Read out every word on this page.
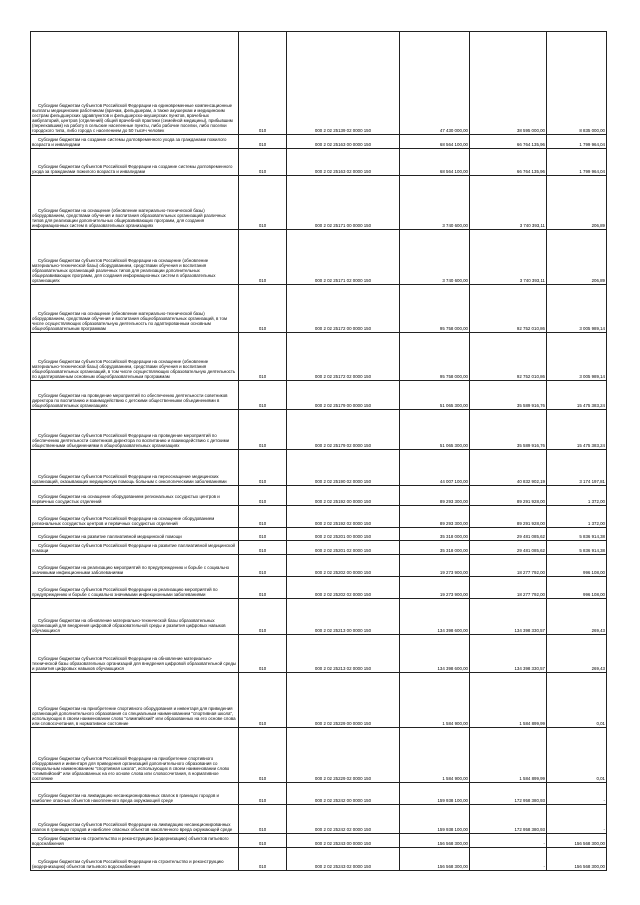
Субсидии бюджетам субъектов Российской Федерации на единовременные компенсационные выплаты медицинским работникам (врачам, фельдшерам, а также акушеркам и медицинским сестрам фельдшерских здравпунктов и фельдшерско-акушерских пунктов, врачебных амбулаторий, центров (отделений) общей врачебной практики (семейной медицины), прибывшим (переехавшим) на работу в сельские населенные пункты, либо рабочие поселки, либо поселки городского типа, либо города с населением до 50 тысяч человек	010	000 2 02 25139 02 0000 150	47 430 000,00	38 595 000,00	8 835 000,00
Субсидии бюджетам на создание системы долговременного ухода за гражданами пожилого возраста и инвалидами	010	000 2 02 25163 00 0000 150	68 564 100,00	66 764 135,96	1 799 964,04
Субсидии бюджетам субъектов Российской Федерации на создание системы долговременного ухода за гражданами пожилого возраста и инвалидами	010	000 2 02 25163 02 0000 150	68 564 100,00	66 764 135,96	1 799 964,04
Субсидии бюджетам на оснащение (обновление материально-технической базы) оборудованием, средствами обучения и воспитания образовательных организаций различных типов для реализации дополнительных общеразвивающих программ, для создания информационных систем в образовательных организациях	010	000 2 02 25171 00 0000 150	3 740 600,00	3 740 393,11	206,89
Субсидии бюджетам субъектов Российской Федерации на оснащение (обновление материально-технической базы) оборудованием, средствами обучения и воспитания образовательных организаций различных типов для реализации дополнительных общеразвивающих программ, для создания информационных систем в образовательных организациях	010	000 2 02 25171 02 0000 150	3 740 600,00	3 740 393,11	206,89
Субсидии бюджетам на оснащение (обновление материально-технической базы) оборудованием, средствами обучения и воспитания общеобразовательных организаций, в том числе осуществляющих образовательную деятельность по адаптированным основным общеобразовательным программам	010	000 2 02 25172 00 0000 150	95 758 000,00	92 752 010,86	3 005 989,14
Субсидии бюджетам субъектов Российской Федерации на оснащение (обновление материально-технической базы) оборудованием, средствами обучения и воспитания общеобразовательных организаций, в том числе осуществляющих образовательную деятельность по адаптированным основным общеобразовательным программам	010	000 2 02 25172 02 0000 150	95 758 000,00	92 752 010,86	3 005 989,14
Субсидии бюджетам на проведение мероприятий по обеспечению деятельности советников директора по воспитанию и взаимодействию с детскими общественными объединениями в общеобразовательных организациях	010	000 2 02 25179 00 0000 150	51 065 300,00	35 589 916,76	15 475 383,24
Субсидии бюджетам субъектов Российской Федерации на проведение мероприятий по обеспечению деятельности советников директора по воспитанию и взаимодействию с детскими общественными объединениями в общеобразовательных организациях	010	000 2 02 25179 02 0000 150	51 065 300,00	35 589 916,76	15 475 383,24
Субсидии бюджетам субъектов Российской Федерации на переоснащение медицинских организаций, оказывающих медицинскую помощь больным с онкологическими заболеваниями	010	000 2 02 25190 02 0000 150	44 007 100,00	40 832 902,19	3 174 197,81
Субсидии бюджетам на оснащение оборудованием региональных сосудистых центров и первичных сосудистых отделений	010	000 2 02 25192 00 0000 150	89 293 300,00	89 291 928,00	1 372,00
Субсидии бюджетам субъектов Российской Федерации на оснащение оборудованием региональных сосудистых центров и первичных сосудистых отделений	010	000 2 02 25192 02 0000 150	89 293 300,00	89 291 928,00	1 372,00
Субсидии бюджетам на развитие паллиативной медицинской помощи	010	000 2 02 25201 00 0000 150	35 318 000,00	29 481 085,62	5 836 914,38
Субсидии бюджетам субъектов Российской Федерации на развитие паллиативной медицинской помощи	010	000 2 02 25201 02 0000 150	35 318 000,00	29 481 085,62	5 836 914,38
Субсидии бюджетам на реализацию мероприятий по предупреждению и борьбе с социально значимыми инфекционными заболеваниями	010	000 2 02 25202 00 0000 150	19 273 900,00	18 277 792,00	996 108,00
Субсидии бюджетам субъектов Российской Федерации на реализацию мероприятий по предупреждению и борьбе с социально значимыми инфекционными заболеваниями	010	000 2 02 25202 02 0000 150	19 273 900,00	18 277 792,00	996 108,00
Субсидии бюджетам на обновление материально-технической базы образовательных организаций для внедрения цифровой образовательной среды и развития цифровых навыков обучающихся	010	000 2 02 25213 00 0000 150	134 398 600,00	134 398 330,57	269,43
Субсидии бюджетам субъектов Российской Федерации на обновление материально-технической базы образовательных организаций для внедрения цифровой образовательной среды и развития цифровых навыков обучающихся	010	000 2 02 25213 02 0000 150	134 398 600,00	134 398 330,57	269,43
Субсидии бюджетам на приобретение спортивного оборудования и инвентаря для приведения организаций дополнительного образования со специальным наименованием "спортивная школа", использующих в своем наименовании слово "олимпийский" или образованных на его основе слова или словосочетания, в нормативное состояние	010	000 2 02 25229 00 0000 150	1 584 900,00	1 584 899,99	0,01
Субсидии бюджетам субъектов Российской Федерации на приобретение спортивного оборудования и инвентаря для приведения организаций дополнительного образования со специальным наименованием "спортивная школа", использующих в своем наименовании слово "олимпийский" или образованных на его основе слова или словосочетания, в нормативное состояние	010	000 2 02 25229 02 0000 150	1 584 900,00	1 584 899,99	0,01
Субсидии бюджетам на ликвидацию несанкционированных свалок в границах городов и наиболее опасных объектов накопленного вреда окружающей среде	010	000 2 02 25242 00 0000 150	159 938 100,00	172 958 380,93	-
Субсидии бюджетам субъектов Российской Федерации на ликвидацию несанкционированных свалок в границах городов и наиболее опасных объектов накопленного вреда окружающей среде	010	000 2 02 25242 02 0000 150	159 938 100,00	172 958 380,93	-
Субсидии бюджетам на строительство и реконструкцию (модернизацию) объектов питьевого водоснабжения	010	000 2 02 25243 00 0000 150	156 568 300,00	-	156 568 300,00
Субсидии бюджетам субъектов Российской Федерации на строительство и реконструкцию (модернизацию) объектов питьевого водоснабжения	010	000 2 02 25243 02 0000 150	156 568 300,00	-	156 568 300,00
